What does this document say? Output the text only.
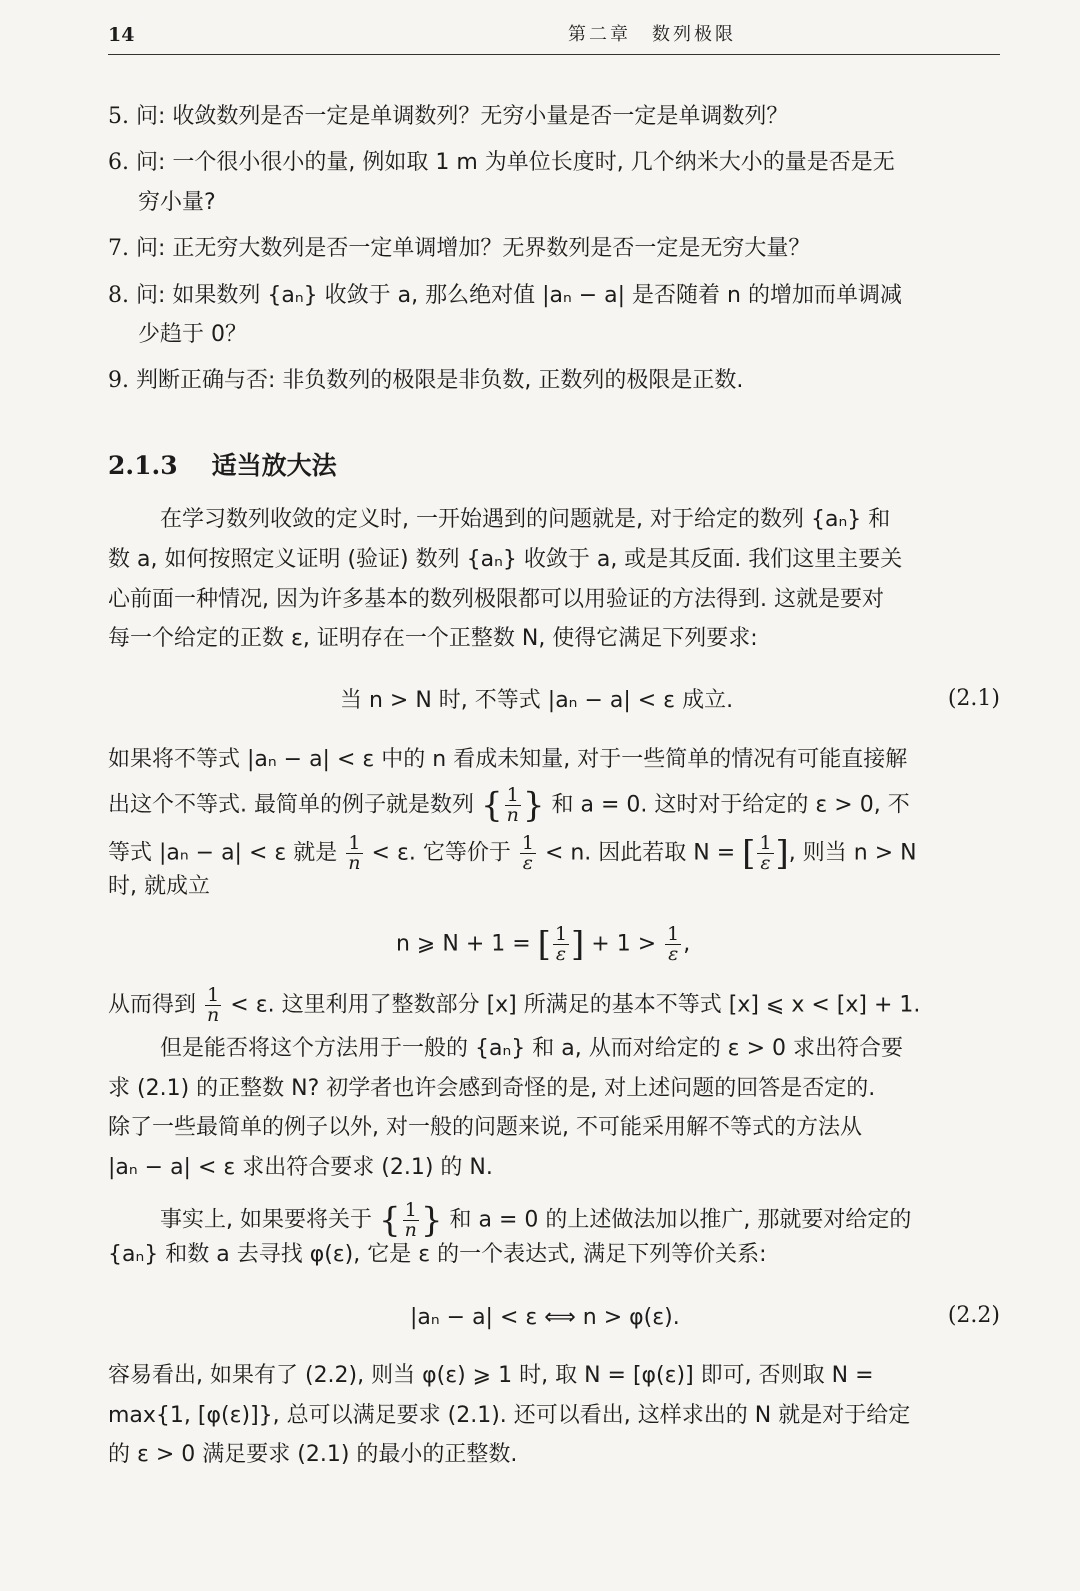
14	第二章　数列极限
5. 问: 收敛数列是否一定是单调数列？无穷小量是否一定是单调数列？
6. 问: 一个很小很小的量, 例如取 1 m 为单位长度时, 几个纳米大小的量是否是无
穷小量?
7. 问: 正无穷大数列是否一定单调增加？无界数列是否一定是无穷大量？
8. 问: 如果数列 {aₙ} 收敛于 a, 那么绝对值 |aₙ − a| 是否随着 n 的增加而单调减
少趋于 0？
9. 判断正确与否: 非负数列的极限是非负数, 正数列的极限是正数.
2.1.3 适当放大法
在学习数列收敛的定义时, 一开始遇到的问题就是, 对于给定的数列 {aₙ} 和
数 a, 如何按照定义证明 (验证) 数列 {aₙ} 收敛于 a, 或是其反面. 我们这里主要关
心前面一种情况, 因为许多基本的数列极限都可以用验证的方法得到. 这就是要对
每一个给定的正数 ε, 证明存在一个正整数 N, 使得它满足下列要求:
当 n > N 时, 不等式 |aₙ − a| < ε 成立.	(2.1)
如果将不等式 |aₙ − a| < ε 中的 n 看成未知量, 对于一些简单的情况有可能直接解
出这个不等式. 最简单的例子就是数列 { $\frac{1}{n}$ } 和 a = 0. 这时对于给定的 ε > 0, 不
等式 |aₙ − a| < ε 就是 $\frac{1}{n} < \varepsilon$. 它等价于 $\frac{1}{\varepsilon} < n$. 因此若取 N = [ $\frac{1}{\varepsilon}$ ], 则当 n > N
时, 就成立
n ⩾ N + 1 = [ $\frac{1}{\varepsilon}$ ] + $1 > \frac{1}{\varepsilon}$ ,
从而得到 $\frac{1}{n} < \varepsilon$. 这里利用了整数部分 [x] 所满足的基本不等式 [x] ⩽ x < [x] + 1.
但是能否将这个方法用于一般的 {aₙ} 和 a, 从而对给定的 ε > 0 求出符合要
求 (2.1) 的正整数 N? 初学者也许会感到奇怪的是, 对上述问题的回答是否定的.
除了一些最简单的例子以外, 对一般的问题来说, 不可能采用解不等式的方法从
|aₙ − a| < ε 求出符合要求 (2.1) 的 N.
事实上, 如果要将关于 { $\frac{1}{n}$ } 和 a = 0 的上述做法加以推广, 那就要对给定的
{aₙ} 和数 a 去寻找 φ(ε), 它是 ε 的一个表达式, 满足下列等价关系:
|aₙ − a| < ε ⟺ n > φ(ε).	(2.2)
容易看出, 如果有了 (2.2), 则当 φ(ε) ⩾ 1 时, 取 N = [φ(ε)] 即可, 否则取 N =
max{1, [φ(ε)]}, 总可以满足要求 (2.1). 还可以看出, 这样求出的 N 就是对于给定
的 ε > 0 满足要求 (2.1) 的最小的正整数.
